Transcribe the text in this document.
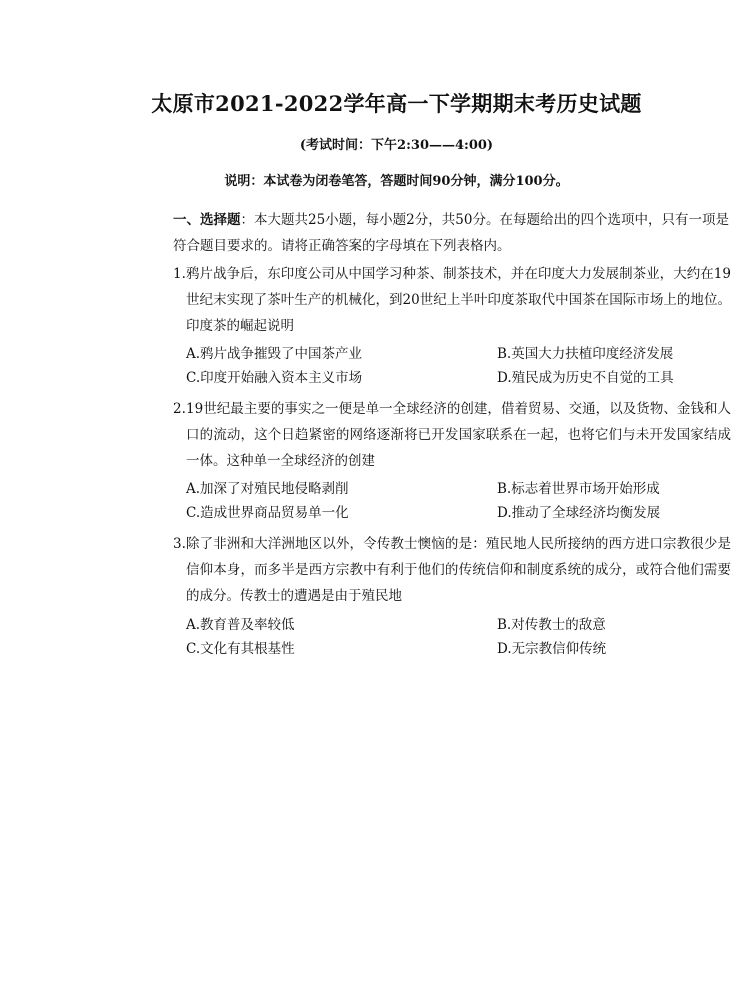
太原市2021-2022学年高一下学期期末考历史试题
(考试时间：下午2:30——4:00)
说明：本试卷为闭卷笔答，答题时间90分钟，满分100分。
一、选择题：本大题共25小题，每小题2分，共50分。在每题给出的四个选项中，只有一项是符合题目要求的。请将正确答案的字母填在下列表格内。
1. 鸦片战争后，东印度公司从中国学习种茶、制茶技术，并在印度大力发展制茶业，大约在19世纪末实现了茶叶生产的机械化，到20世纪上半叶印度茶取代中国茶在国际市场上的地位。印度茶的崛起说明
A.鸦片战争摧毁了中国茶产业	B.英国大力扶植印度经济发展
C.印度开始融入资本主义市场	D.殖民成为历史不自觉的工具
2. 19世纪最主要的事实之一便是单一全球经济的创建，借着贸易、交通，以及货物、金钱和人口的流动，这个日趋紧密的网络逐渐将已开发国家联系在一起，也将它们与未开发国家结成一体。这种单一全球经济的创建
A.加深了对殖民地侵略剥削	B.标志着世界市场开始形成
C.造成世界商品贸易单一化	D.推动了全球经济均衡发展
3. 除了非洲和大洋洲地区以外，令传教士懊恼的是：殖民地人民所接纳的西方进口宗教很少是信仰本身，而多半是西方宗教中有利于他们的传统信仰和制度系统的成分，或符合他们需要的成分。传教士的遭遇是由于殖民地
A.教育普及率较低	B.对传教士的敌意
C.文化有其根基性	D.无宗教信仰传统
